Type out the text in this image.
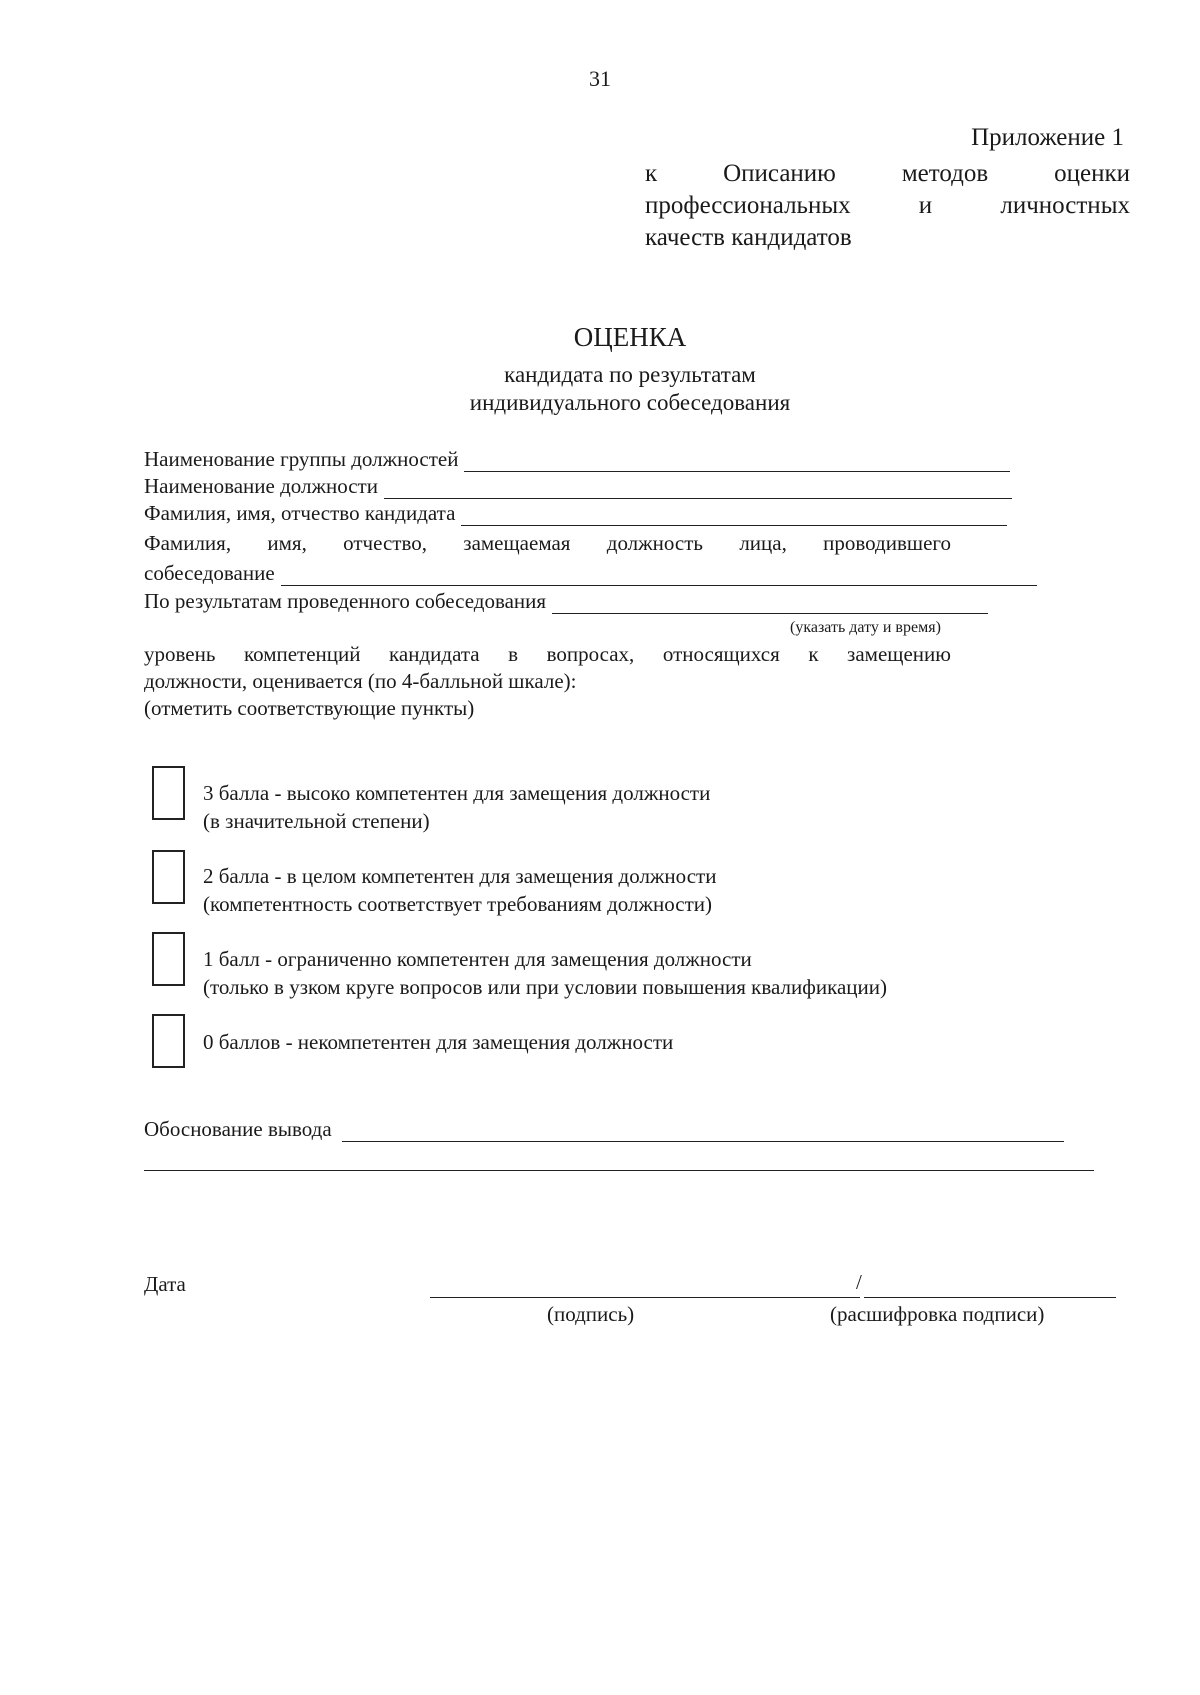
31
Приложение 1
к	Описанию	методов	оценки
профессиональных	и	личностных
качеств кандидатов
ОЦЕНКА
кандидата по результатам
индивидуального собеседования
Наименование группы должностей
Наименование должности
Фамилия, имя, отчество кандидата
Фамилия, имя, отчество, замещаемая должность лица, проводившего
собеседование
По результатам проведенного собеседования
(указать дату и время)
уровень компетенций кандидата в вопросах, относящихся к замещению
должности, оценивается (по 4-балльной шкале):
(отметить соответствующие пункты)
3 балла - высоко компетентен для замещения должности
(в значительной степени)
2 балла - в целом компетентен для замещения должности
(компетентность соответствует требованиям должности)
1 балл - ограниченно компетентен для замещения должности
(только в узком круге вопросов или при условии повышения квалификации)
0 баллов - некомпетентен для замещения должности
Обоснование вывода
Дата	/
(подпись)	(расшифровка подписи)
